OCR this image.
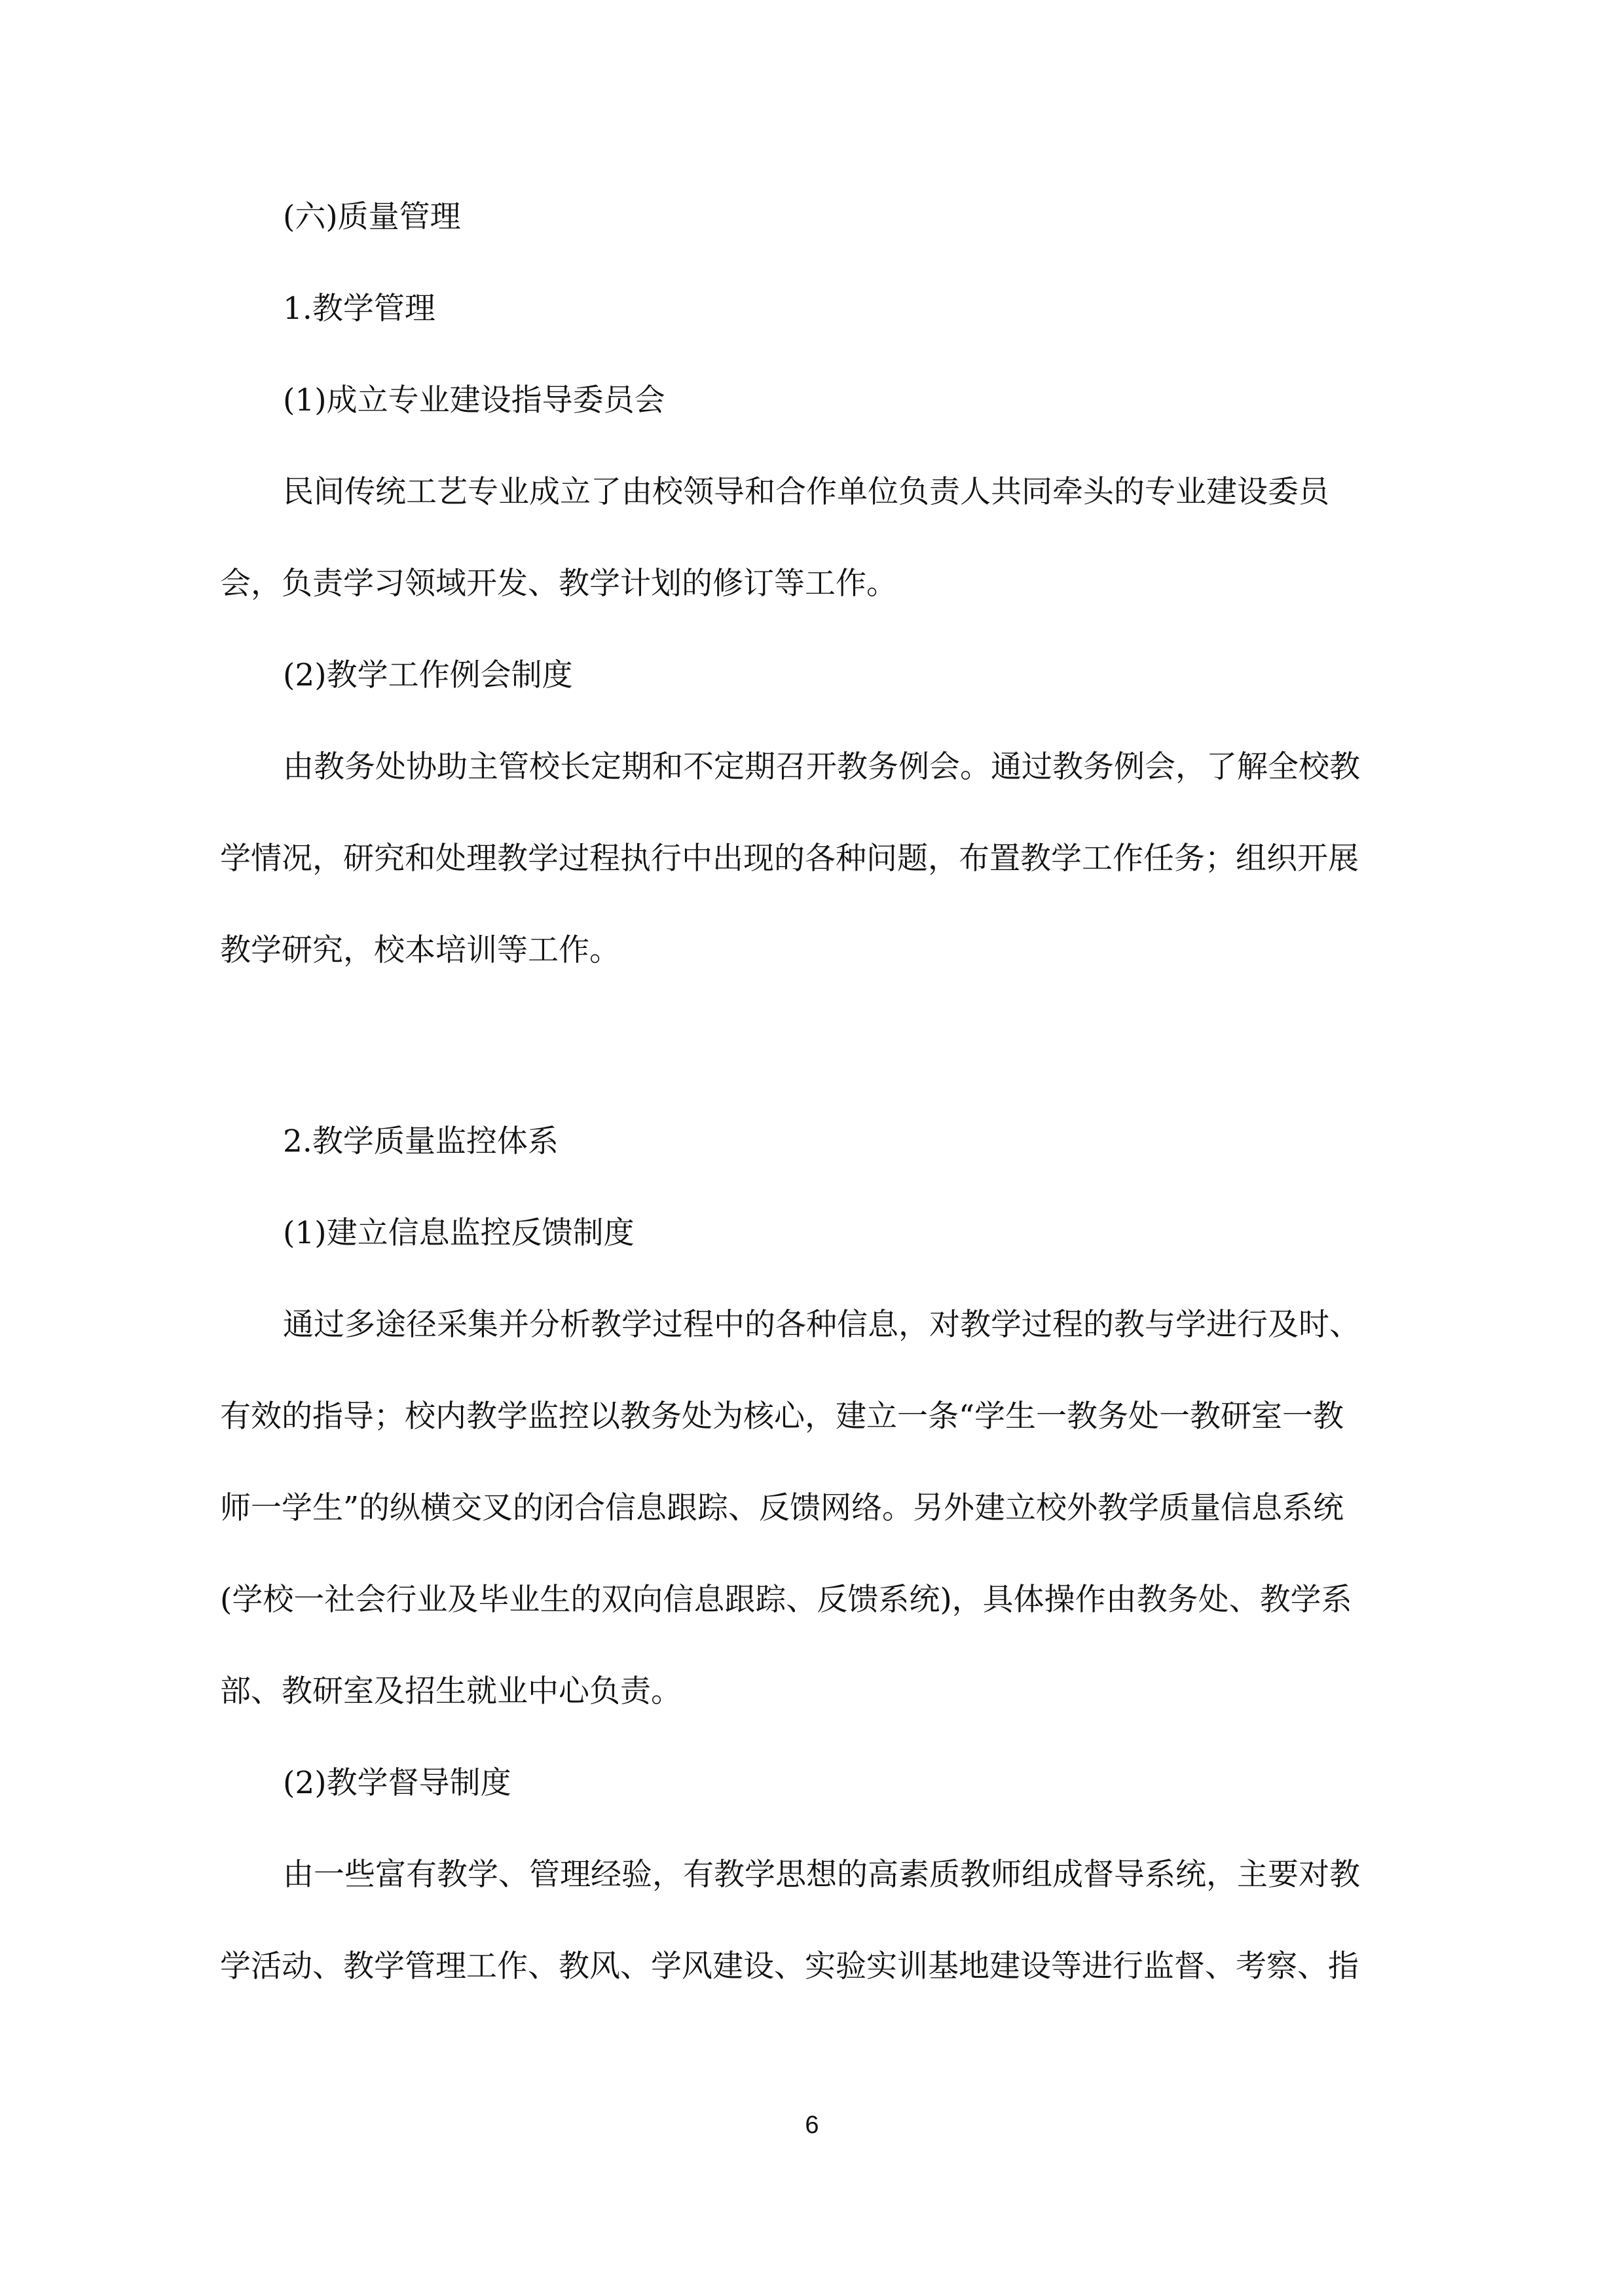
(六)质量管理
1.教学管理
(1)成立专业建设指导委员会
民间传统工艺专业成立了由校领导和合作单位负责人共同牵头的专业建设委员
会，负责学习领域开发、教学计划的修订等工作。
(2)教学工作例会制度
由教务处协助主管校长定期和不定期召开教务例会。通过教务例会，了解全校教
学情况，研究和处理教学过程执行中出现的各种问题，布置教学工作任务；组织开展
教学研究，校本培训等工作。
2.教学质量监控体系
(1)建立信息监控反馈制度
通过多途径采集并分析教学过程中的各种信息，对教学过程的教与学进行及时、
有效的指导；校内教学监控以教务处为核心，建立一条“学生一教务处一教研室一教
师一学生”的纵横交叉的闭合信息跟踪、反馈网络。另外建立校外教学质量信息系统
(学校一社会行业及毕业生的双向信息跟踪、反馈系统)，具体操作由教务处、教学系
部、教研室及招生就业中心负责。
(2)教学督导制度
由一些富有教学、管理经验，有教学思想的高素质教师组成督导系统，主要对教
学活动、教学管理工作、教风、学风建设、实验实训基地建设等进行监督、考察、指
6
